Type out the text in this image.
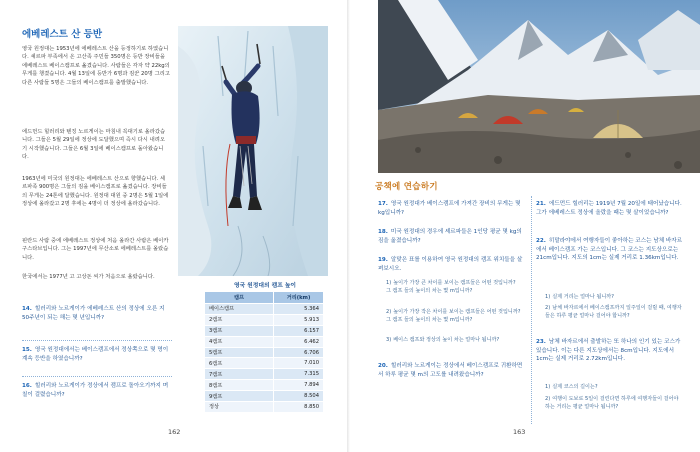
에베레스트 산 등반
영국 원정대는 1953년에 에베레스트 산을 등정하기로 하였습니다. 셰르파 부족에서 온 고산족 주민들 350명은 등반 장비들을 에베레스트 베이스캠프로 옮겼습니다. 사람들은 각자 약 22kg의 무게를 챙겼습니다. 4월 13일에 등반가 6명과 짐꾼 20명 그리고 다른 사람들 5명은 그들의 베이스캠프를 출발했습니다.
에드먼드 힐러리와 텐징 노르게이는 마침내 꼭대기로 올라갔습니다. 그들은 5월 29일에 정상에 도달했으며 즉시 다시 내려오기 시작했습니다. 그들은 6월 3일에 베이스캠프로 돌아왔습니다.
1963년에 미국의 원정대는 에베레스트 산으로 향했습니다. 셰르파족 900명은 그들의 짐을 베이스캠프로 옮겼습니다. 장비들의 무게는 24톤에 달했습니다. 원정대 대원 중 2명은 5월 1일에 정상에 올라갔고 2명 후에는 4명이 더 정상에 올라갔습니다.
핀란드 사람 중에 에베레스트 정상에 처음 올라간 사람은 베이카 구스타브입니다. 그는 1997년에 무산소로 에베레스트를 올랐습니다.
한국에서는 1977년 고 고상돈 씨가 처음으로 올랐습니다.
14. 힐러리와 노르게이가 에베레스트 산의 정상에 오른 지 50주년이 되는 해는 몇 년입니까?
15. 영국 원정대에서는 베이스캠프에서 정상쪽으로 몇 명이 계속 등반을 하였습니까?
16. 힐러리와 노르게이가 정상에서 캠프로 돌아오기까지 며칠이 걸렸습니까?
영국 원정대의 캠프 높이
캠프	거리(km)
베이스캠프	5.364
2캠프	5.913
3캠프	6.157
4캠프	6.462
5캠프	6.706
6캠프	7.010
7캠프	7.315
8캠프	7.894
9캠프	8.504
정상	8.850
162
공책에 연습하기
17. 영국 원정대가 베이스캠프에 가져간 장비의 무게는 몇 kg입니까?
18. 미국 원정대의 경우에 셰르파들은 1인당 평균 몇 kg의 짐을 옮겼습니까?
19. 알맞은 표를 이용하여 영국 원정대의 캠프 위치들을 살펴보시오.
1) 높이가 가장 큰 차이를 보이는 캠프들은 어떤 것입니까? 그 캠프 들의 높이의 차는 몇 m입니까?
2) 높이가 가장 작은 차이를 보이는 캠프들은 어떤 것입니까? 그 캠프 들의 높이의 차는 몇 m입니까?
3) 베이스 캠프와 정상의 높이 차는 얼마나 됩니까?
20. 힐러리와 노르게이는 정상에서 베이스캠프로 귀환하면서 하루 평균 몇 m의 고도를 내려왔습니까?
21. 에드먼드 힐러리는 1919년 7월 20일에 태어났습니다. 그가 에베레스트 정상에 올랐을 때는 몇 살이었습니까?
22. 히말라야에서 여행자들이 좋아하는 코스는 남체 바자르에서 베이스캠프 가는 코스입니다. 그 코스는 지도상으로는 21cm입니다. 지도의 1cm는 실제 거리로 1.36km입니다.
1) 실제 거리는 얼마나 됩니까?
2) 남체 바자르에서 베이스캠프까지 일주일이 걸릴 때, 여행자들은 하루 평균 얼마나 걸어야 합니까?
23. 남체 바자르에서 출발하는 또 하나의 인기 있는 코스가 있습니다. 이는 다른 지도상에서는 8cm입니다. 지도에서 1cm는 실제 거리로 2.72km입니다.
1) 실제 코스의 길이는?
2) 여행이 도보로 5일이 걸린다면 하루에 여행자들이 걸어야 하는 거리는 평균 얼마나 됩니까?
163
